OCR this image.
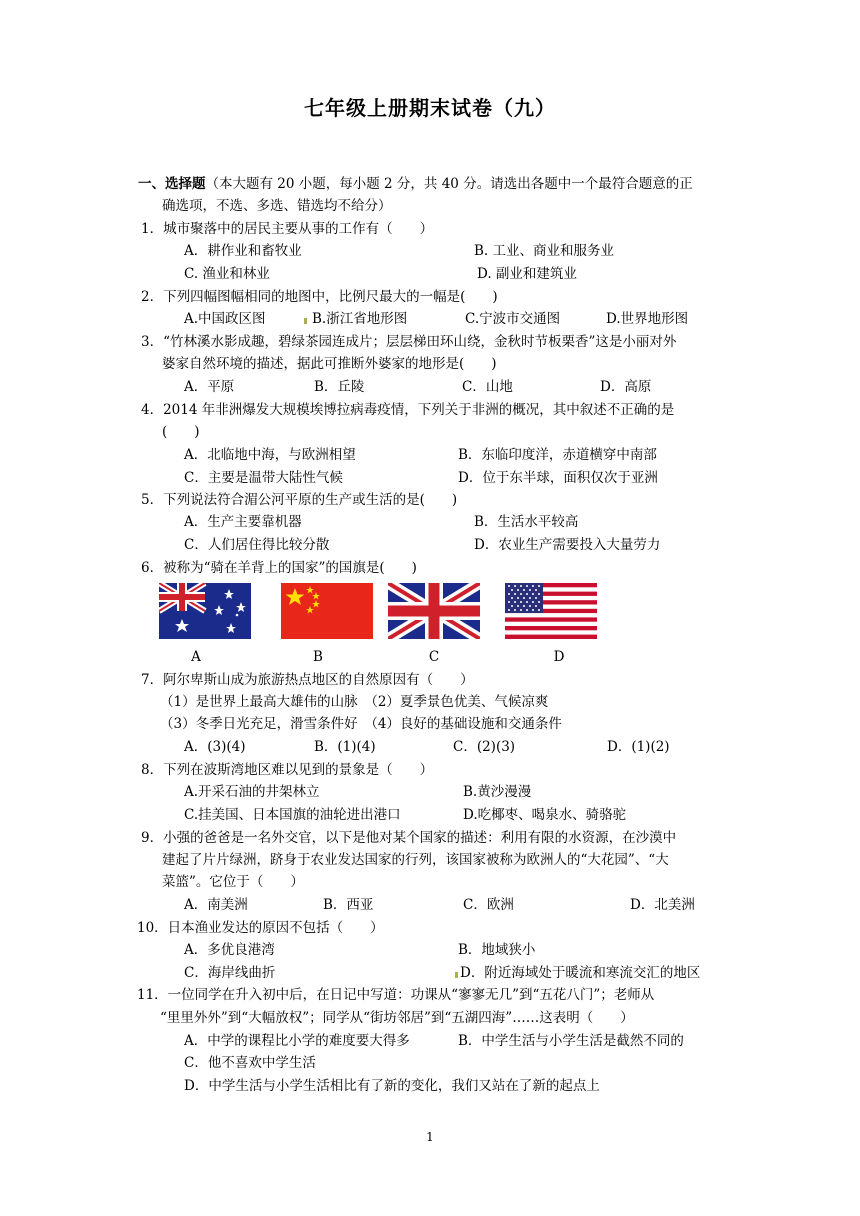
七年级上册期末试卷（九）
一、选择题（本大题有 20 小题，每小题 2 分，共 40 分。请选出各题中一个最符合题意的正
确选项，不选、多选、错选均不给分）
1．城市聚落中的居民主要从事的工作有（　　）
A．耕作业和畜牧业	B. 工业、商业和服务业
C. 渔业和林业	D. 副业和建筑业
2．下列四幅图幅相同的地图中，比例尺最大的一幅是(　　)
A.中国政区图	B.浙江省地形图	C.宁波市交通图	D.世界地形图
3．“竹林溪水影成趣，碧绿茶园连成片；层层梯田环山绕，金秋时节板栗香”这是小丽对外
婆家自然环境的描述，据此可推断外婆家的地形是(　　)
A．平原	B．丘陵	C．山地	D．高原
4．2014 年非洲爆发大规模埃博拉病毒疫情，下列关于非洲的概况，其中叙述不正确的是
(　　)
A．北临地中海，与欧洲相望	B．东临印度洋，赤道横穿中南部
C．主要是温带大陆性气候	D．位于东半球，面积仅次于亚洲
5．下列说法符合湄公河平原的生产或生活的是(　　)
A．生产主要靠机器	B．生活水平较高
C．人们居住得比较分散	D．农业生产需要投入大量劳力
6．被称为“骑在羊背上的国家”的国旗是(　　)
A	B	C	D
7．阿尔卑斯山成为旅游热点地区的自然原因有（　　）
（1）是世界上最高大雄伟的山脉　（2）夏季景色优美、气候凉爽
（3）冬季日光充足，滑雪条件好　（4）良好的基础设施和交通条件
A．(3)(4)	B．(1)(4)	C．(2)(3)	D．(1)(2)
8．下列在波斯湾地区难以见到的景象是（　　）
A.开采石油的井架林立	B.黄沙漫漫
C.挂美国、日本国旗的油轮进出港口	D.吃椰枣、喝泉水、骑骆驼
9．小强的爸爸是一名外交官，以下是他对某个国家的描述：利用有限的水资源，在沙漠中
建起了片片绿洲，跻身于农业发达国家的行列，该国家被称为欧洲人的“大花园”、“大
菜篮”。它位于（　　）
A．南美洲	B．西亚	C．欧洲	D．北美洲
10．日本渔业发达的原因不包括（　　）
A．多优良港湾	B．地域狭小
C．海岸线曲折	D．附近海域处于暖流和寒流交汇的地区
11．一位同学在升入初中后，在日记中写道：功课从“寥寥无几”到“五花八门”；老师从
“里里外外”到“大幅放权”；同学从“街坊邻居”到“五湖四海”……这表明（　　）
A．中学的课程比小学的难度要大得多	B．中学生活与小学生活是截然不同的
C．他不喜欢中学生活
D．中学生活与小学生活相比有了新的变化，我们又站在了新的起点上
1
